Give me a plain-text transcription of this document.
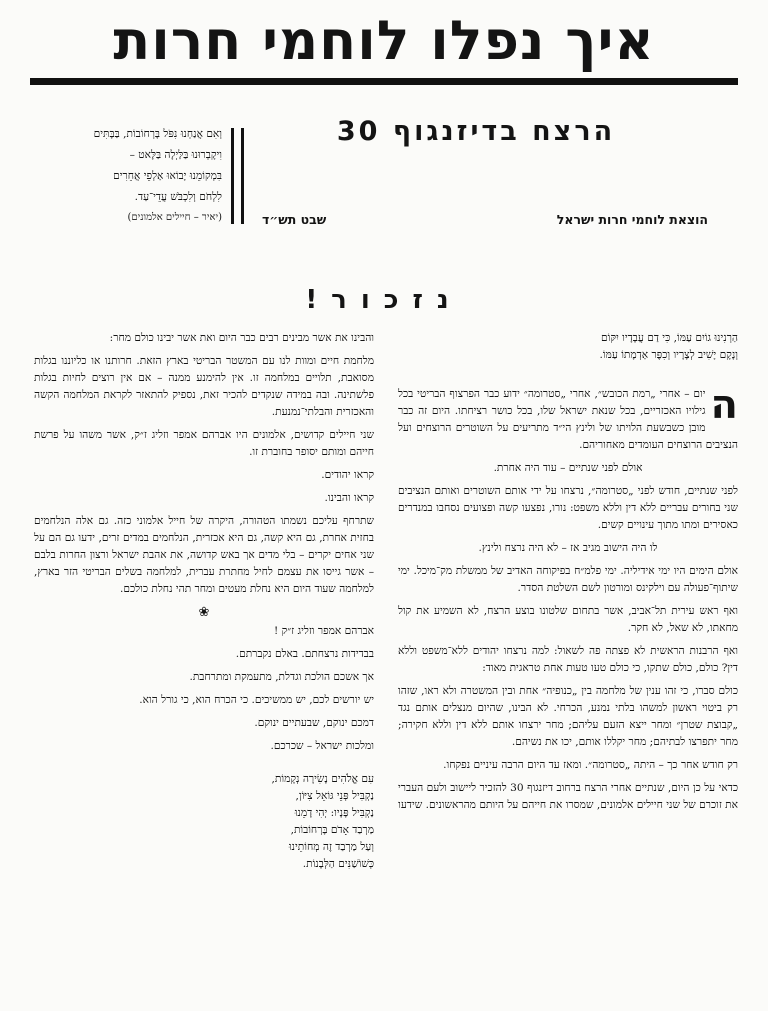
איך נפלו לוחמי חרות
הרצח בדיזנגוף 30
הוצאת לוחמי חרות ישראל
שבט תש״ד

וְאִם אֲנַחְנוּ נִפֹּל בָּרְחוֹבוֹת, בַּבָּתִּים

וִיקָבְרוּנוּ בַּלַּיְלָה בַּלָּאט –

בִּמְקוֹמֵנוּ יָבוֹאוּ אַלְפֵי אֲחֵרִים

לִלְחֹם וְלִכְבֹּשׁ עֲדֵי־עַד.

(יאיר – חיילים אלמונים)
נזכור!
הַרְנִינוּ גוֹיִם עַמּוֹ, כִּי דַם עֲבָדָיו יִקּוֹם
וְנָקָם יָשִׁיב לְצָרָיו וְכִפֶּר אַדְמָתוֹ עַמּוֹ.

ה
יום – אחרי „רמת הכובש״, אחרי „סטרומה״ ידוע כבר הפרצוף הבריטי בכל גילויו האכזריים, בכל שנאת ישראל שלו, בכל כושר רציחתו. היום זה כבר מובן כשבשעת הלויתו של ולינץ הי״ד מתריעים על השוטרים הרוצחים ועל הנציבים הרוצחים העומדים מאחוריהם.

אולם לפני שנתיים – עוד היה אחרת.

לפני שנתיים, חודש לפני „סטרומה״, נרצחו על ידי אותם השוטרים ואותם הנציבים שני בחורים עבריים ללא דין וללא משפט: נורו, נפצעו קשה ופצועים נסחבו במנדרים כאסירים ומתו מתוך עינויים קשים.

לו היה הישוב מגיב אז – לא היה נרצח ולינץ.

אולם הימים היו ימי אידיליה. ימי פלמ״ח בפיקוחה האדיב של ממשלת מק־מיכל. ימי שיתוף־פעולה עם וילקינס ומורטון לשם השלטת הסדר.

ואף ראש עירית תל־אביב, אשר בתחום שלטונו בוצע הרצח, לא השמיע את קול מחאתו, לא שאל, לא חקר.

ואף הרבנות הראשית לא פצתה פה לשאול: למה נרצחו יהודים ללא־משפט וללא דין? כולם, כולם שתקו, כי כולם טעו טעות אחת טראגית מאוד:

כולם סברו, כי זהו ענין של מלחמה בין „כנופיה״ אחת ובין המשטרה ולא ראו, שזהו רק ביטוי ראשון למשהו בלתי נמנע, הכרחי. לא הבינו, שהיום מנצלים אותם נגד „קבוצת שטרן״ ומחר ייצא הזעם עליהם; מחר ירצחו אותם ללא דין וללא חקירה; מחר יתפרצו לבתיהם; מחר יקללו אותם, יכו את נשיהם.

רק חודש אחר כך – היתה „סטרומה״. ומאז עד היום הרבה עיניים נפקחו.

כדאי על כן היום, שנתיים אחרי הרצח ברחוב דיזנגוף 30 להזכיר ליישוב ולעם העברי את זוכרם של שני חיילים אלמונים, שמסרו את חייהם על היותם מהראשונים. שידעו

והבינו את אשר מבינים רבים כבר היום ואת אשר יבינו כולם מחר:

מלחמת חיים ומוות לנו עם המשטר הבריטי בארץ הזאת. חרותנו או כליוננו בגלות מסואבת, תלויים במלחמה זו. אין להימנע ממנה – אם אין רוצים לחיות בגלות פלשתינה. ובה במידה שנקדים להכיר זאת, נספיק להתאזר לקראת המלחמה הקשה והאכזרית והבלתי־נמנעת.

שני חיילים קדושים, אלמונים היו אברהם אמפר וזליג ז״ק, אשר משהו על פרשת חייהם ומותם יסופר בחוברת זו.

קראו יהודים.

קראו והבינו.

שתרחף עליכם נשמתו הטהורה, היקרה של חייל אלמוני כזה. גם אלה הנלחמים בחזית אחרת, גם היא קשה, גם היא אכזרית, הנלחמים במדים זרים, ידעו גם הם על שני אחים יקרים – בלי מדים אך באש קדושה, את אהבת ישראל ורצון החרות בלבם – אשר גייסו את עצמם לחיל מחתרת עברית, למלחמה בשלים הבריטי הזר בארץ, למלחמה שעוד היום היא נחלת מעטים ומחר תהי נחלת כולכם.

❀

אברהם אמפר וזליג ז״ק !

בבדידות נרצחתם. באלם נקברתם.

אך אשכם הולכת וגדלת, מתעמקת ומתרחבת.

יש יורשים לכם, יש ממשיכים. כי הכרח הוא, כי גורל הוא.

דמכם ינוקם, שבעתיים ינוקם.

ומלכות ישראל – שכרכם.

עִם אֱלֹהִים נָשִׂירָה נְקָמוֹת,
נַקְבִּיל פְּנֵי גּוֹאֵל צִיּוֹן,
נַקְבִּיל פָּנָיו: יְהִי דָמֵנוּ
מַרְבַד אָדֹם בָּרְחוֹבוֹת,
וְעַל מַרְבַד זֶה מְחוֹתֵינוּ
כְּשׁוֹשַׁנִּים הַלְּבָנוֹת.
